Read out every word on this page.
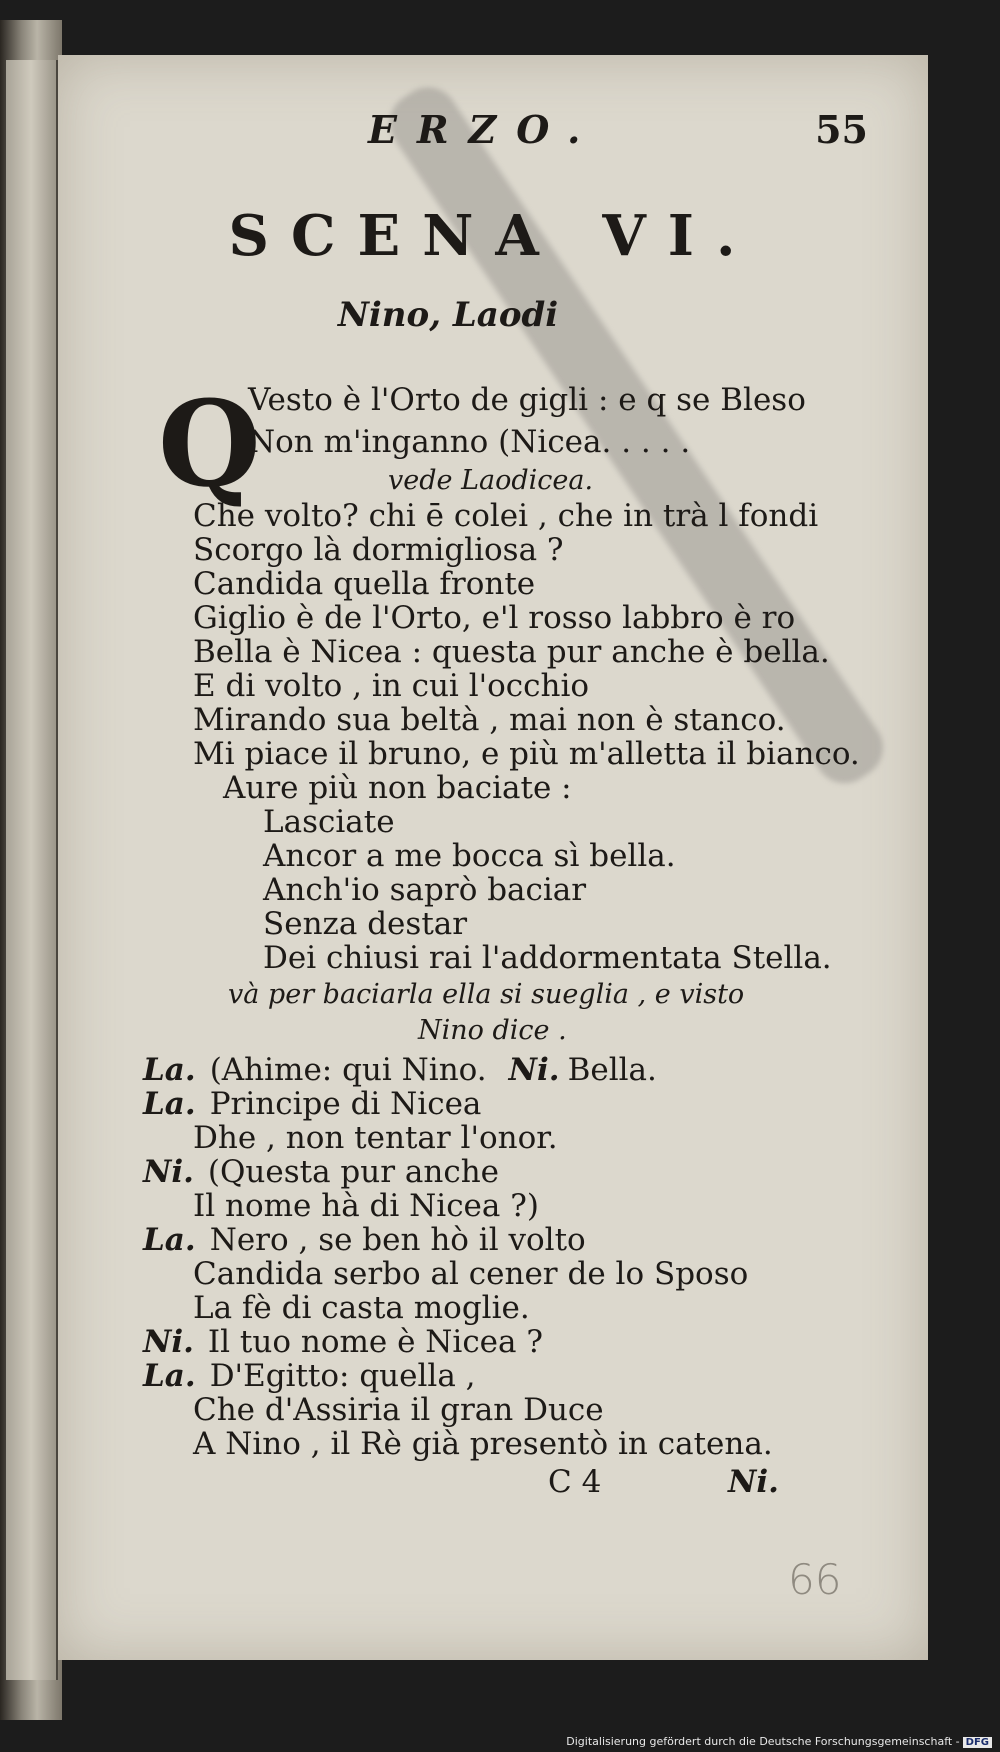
ERZO.	55
SCENA VI.
Nino, Laodi
Q
Vesto è l'Orto de gigli : e q se Bleso
Non m'inganno (Nicea. . . . .
vede Laodicea.
Che volto? chi ē colei , che in trà l fondi
Scorgo là dormigliosa ?
Candida quella fronte
Giglio è de l'Orto, e'l rosso labbro è ro
Bella è Nicea : questa pur anche è bella.
E di volto , in cui l'occhio
Mirando sua beltà , mai non è stanco.
Mi piace il bruno, e più m'alletta il bianco.
Aure più non baciate :
Lasciate
Ancor a me bocca sì bella.
Anch'io saprò baciar
Senza destar
Dei chiusi rai l'addormentata Stella.
và per baciarla ella si sueglia , e visto
Nino dice .
La. (Ahime: qui Nino. Ni. Bella.
La. Principe di Nicea
Dhe , non tentar l'onor.
Ni. (Questa pur anche
Il nome hà di Nicea ?)
La. Nero , se ben hò il volto
Candida serbo al cener de lo Sposo
La fè di casta moglie.
Ni. Il tuo nome è Nicea ?
La. D'Egitto: quella ,
Che d'Assiria il gran Duce
A Nino , il Rè già presentò in catena.
C 4	Ni.
66
Digitalisierung gefördert durch die Deutsche Forschungsgemeinschaft - DFG
